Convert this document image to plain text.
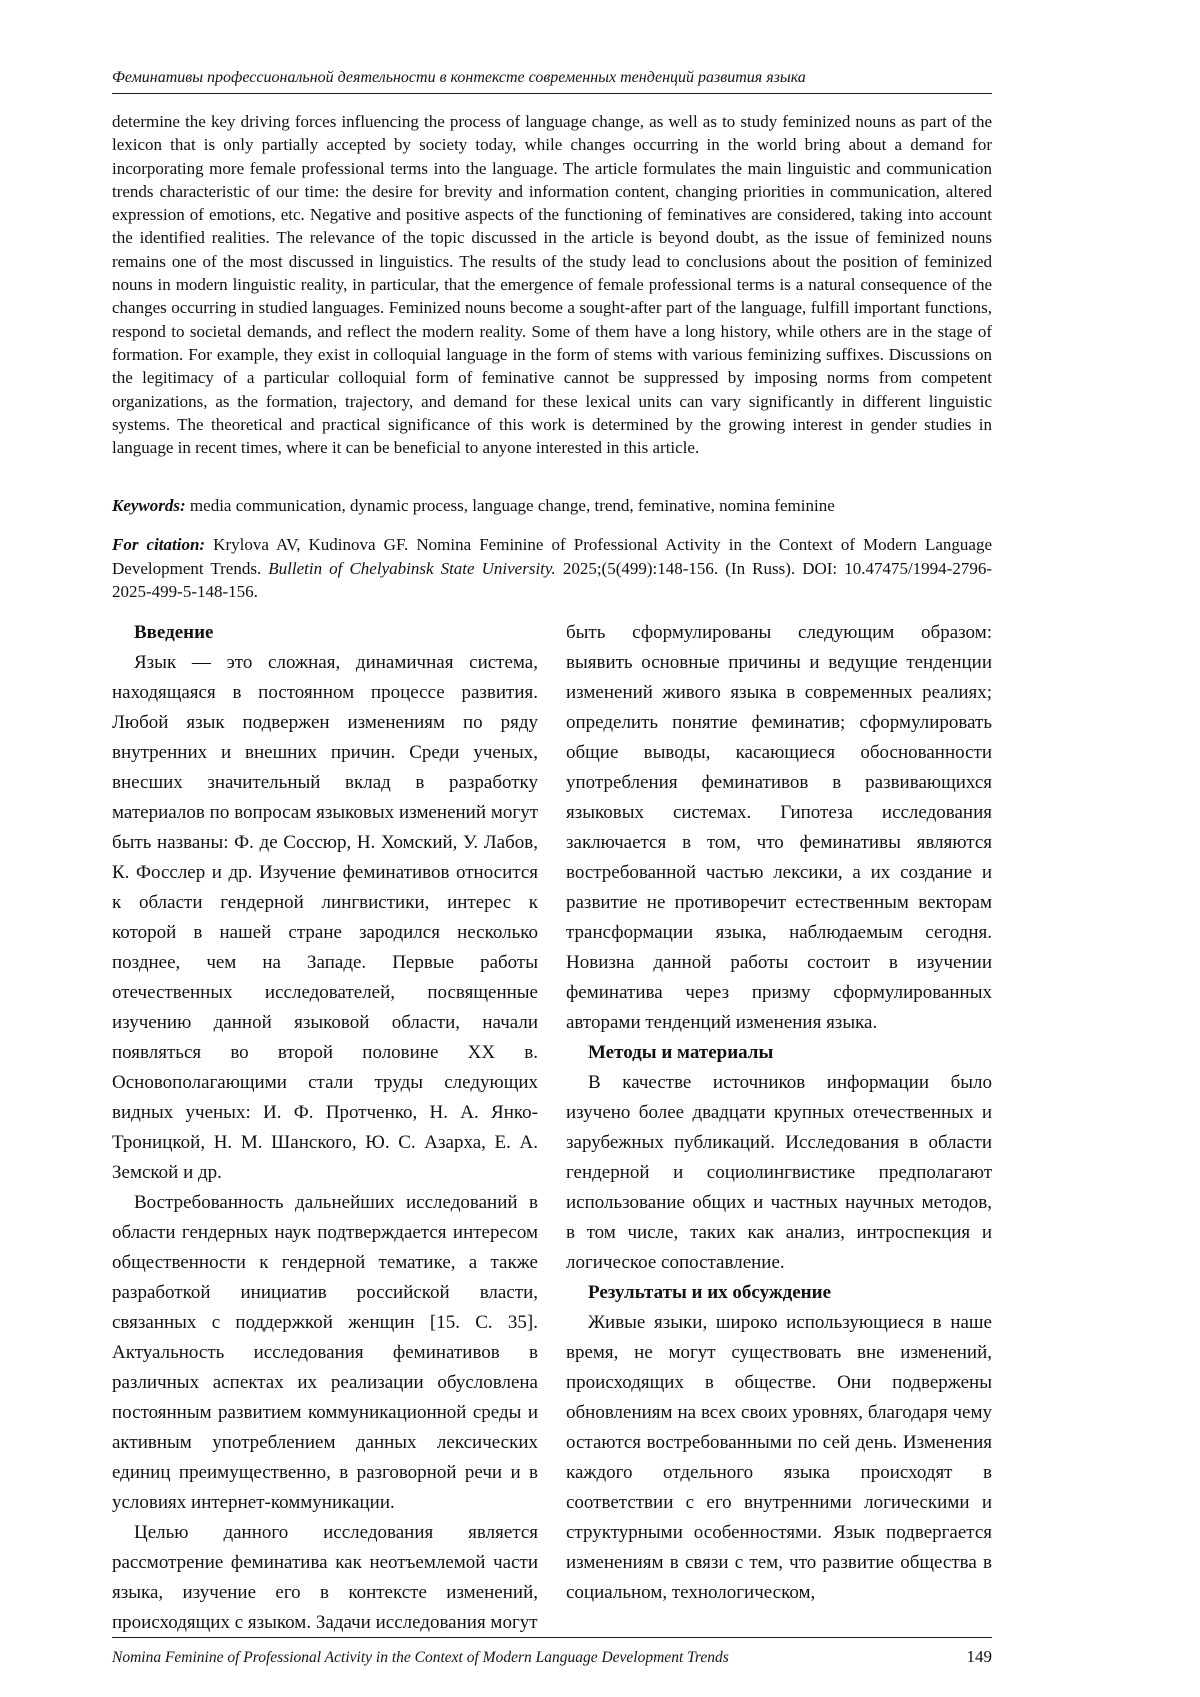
Феминативы профессиональной деятельности в контексте современных тенденций развития языка

determine the key driving forces influencing the process of language change, as well as to study feminized nouns as part of the lexicon that is only partially accepted by society today, while changes occurring in the world bring about a demand for incorporating more female professional terms into the language. The article formulates the main linguistic and communication trends characteristic of our time: the desire for brevity and information content, changing priorities in communication, altered expression of emotions, etc. Negative and positive aspects of the functioning of feminatives are considered, taking into account the identified realities. The relevance of the topic discussed in the article is beyond doubt, as the issue of feminized nouns remains one of the most discussed in linguistics. The results of the study lead to conclusions about the position of feminized nouns in modern linguistic reality, in particular, that the emergence of female professional terms is a natural consequence of the changes occurring in studied languages. Feminized nouns become a sought-after part of the language, fulfill important functions, respond to societal demands, and reflect the modern reality. Some of them have a long history, while others are in the stage of formation. For example, they exist in colloquial language in the form of stems with various feminizing suffixes. Discussions on the legitimacy of a particular colloquial form of feminative cannot be suppressed by imposing norms from competent organizations, as the formation, trajectory, and demand for these lexical units can vary significantly in different linguistic systems. The theoretical and practical significance of this work is determined by the growing interest in gender studies in language in recent times, where it can be beneficial to anyone interested in this article.

Keywords: media communication, dynamic process, language change, trend, feminative, nomina feminine

For citation: Krylova AV, Kudinova GF. Nomina Feminine of Professional Activity in the Context of Modern Language Development Trends. Bulletin of Chelyabinsk State University. 2025;(5(499):148-156. (In Russ). DOI: 10.47475/1994-2796-2025-499-5-148-156.

Введение

Язык — это сложная, динамичная система, находящаяся в постоянном процессе развития. Любой язык подвержен изменениям по ряду внутренних и внешних причин. Среди ученых, внесших значительный вклад в разработку материалов по вопросам языковых изменений могут быть названы: Ф. де Соссюр, Н. Хомский, У. Лабов, К. Фосслер и др. Изучение феминативов относится к области гендерной лингвистики, интерес к которой в нашей стране зародился несколько позднее, чем на Западе. Первые работы отечественных исследователей, посвященные изучению данной языковой области, начали появляться во второй половине XX в. Основополагающими стали труды следующих видных ученых: И. Ф. Протченко, Н. А. Янко-Троницкой, Н. М. Шанского, Ю. С. Азарха, Е. А. Земской и др.

Востребованность дальнейших исследований в области гендерных наук подтверждается интересом общественности к гендерной тематике, а также разработкой инициатив российской власти, связанных с поддержкой женщин [15. С. 35]. Актуальность исследования феминативов в различных аспектах их реализации обусловлена постоянным развитием коммуникационной среды и активным употреблением данных лексических единиц преимущественно, в разговорной речи и в условиях интернет-коммуникации.

Целью данного исследования является рассмотрение феминатива как неотъемлемой части языка, изучение его в контексте изменений, происходящих с языком. Задачи исследования могут

быть сформулированы следующим образом: выявить основные причины и ведущие тенденции изменений живого языка в современных реалиях; определить понятие феминатив; сформулировать общие выводы, касающиеся обоснованности употребления феминативов в развивающихся языковых системах. Гипотеза исследования заключается в том, что феминативы являются востребованной частью лексики, а их создание и развитие не противоречит естественным векторам трансформации языка, наблюдаемым сегодня. Новизна данной работы состоит в изучении феминатива через призму сформулированных авторами тенденций изменения языка.

Методы и материалы

В качестве источников информации было изучено более двадцати крупных отечественных и зарубежных публикаций. Исследования в области гендерной и социолингвистике предполагают использование общих и частных научных методов, в том числе, таких как анализ, интроспекция и логическое сопоставление.

Результаты и их обсуждение

Живые языки, широко использующиеся в наше время, не могут существовать вне изменений, происходящих в обществе. Они подвержены обновлениям на всех своих уровнях, благодаря чему остаются востребованными по сей день. Изменения каждого отдельного языка происходят в соответствии с его внутренними логическими и структурными особенностями. Язык подвергается изменениям в связи с тем, что развитие общества в социальном, технологическом,

Nomina Feminine of Professional Activity in the Context of Modern Language Development Trends	149
